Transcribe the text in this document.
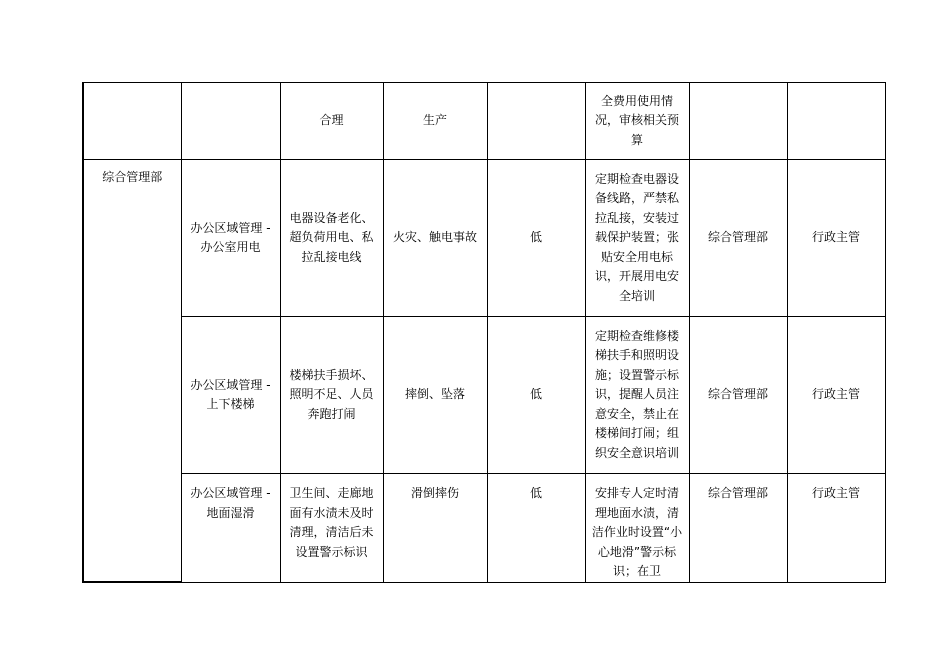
		合理	生产		全费用使用情况，审核相关预算		
综合管理部	办公区域管理 - 办公室用电	电器设备老化、超负荷用电、私拉乱接电线	火灾、触电事故	低	定期检查电器设备线路，严禁私拉乱接，安装过载保护装置；张贴安全用电标识，开展用电安全培训	综合管理部	行政主管
	办公区域管理 - 上下楼梯	楼梯扶手损坏、照明不足、人员奔跑打闹	摔倒、坠落	低	定期检查维修楼梯扶手和照明设施；设置警示标识，提醒人员注意安全，禁止在楼梯间打闹；组织安全意识培训	综合管理部	行政主管
	办公区域管理 - 地面湿滑	卫生间、走廊地面有水渍未及时清理，清洁后未设置警示标识	滑倒摔伤	低	安排专人定时清理地面水渍，清洁作业时设置“小心地滑”警示标识；在卫	综合管理部	行政主管
